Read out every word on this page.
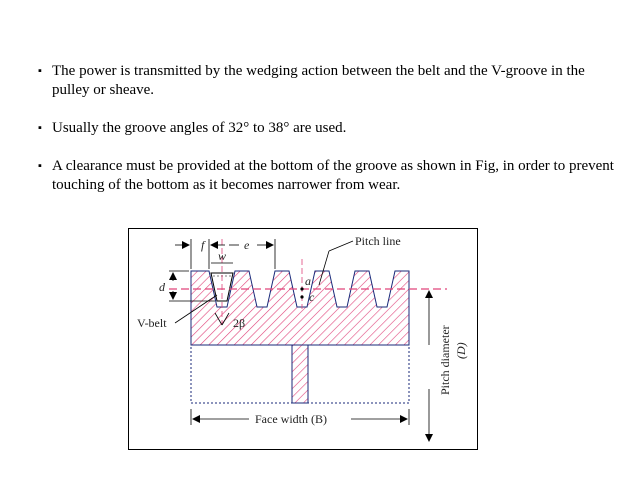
▪ The power is transmitted by the wedging action between the belt and the V-groove in the pulley or sheave.
▪ Usually the groove angles of 32° to 38° are used.
▪ A clearance must be provided at the bottom of the groove as shown in Fig, in order to prevent touching of the bottom as it becomes narrower from wear.
f	e
w
d	a
c
Pitch line
V-belt	2β
Face width (B)
Pitch diameter (D)
